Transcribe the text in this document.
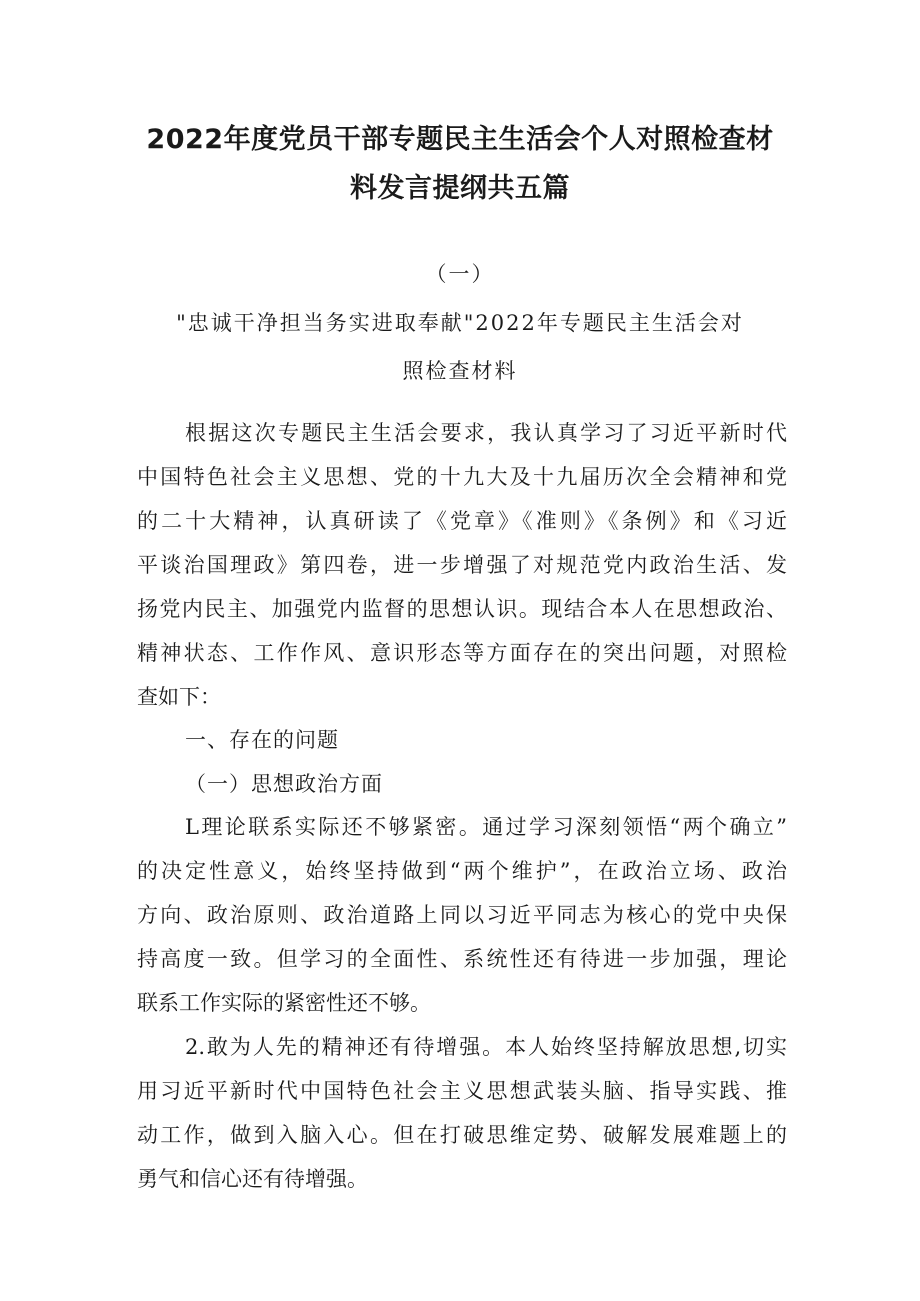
2022年度党员干部专题民主生活会个人对照检查材

料发言提纲共五篇

（一）

"忠诚干净担当务实进取奉献"2022年专题民主生活会对

照检查材料

根据这次专题民主生活会要求，我认真学习了习近平新时代

中国特色社会主义思想、党的十九大及十九届历次全会精神和党

的二十大精神，认真研读了《党章》《准则》《条例》和《习近

平谈治国理政》第四卷，进一步增强了对规范党内政治生活、发

扬党内民主、加强党内监督的思想认识。现结合本人在思想政治、

精神状态、工作作风、意识形态等方面存在的突出问题，对照检

查如下：

一、存在的问题

（一）思想政治方面

L理论联系实际还不够紧密。通过学习深刻领悟“两个确立”

的决定性意义，始终坚持做到“两个维护”，在政治立场、政治

方向、政治原则、政治道路上同以习近平同志为核心的党中央保

持高度一致。但学习的全面性、系统性还有待进一步加强，理论

联系工作实际的紧密性还不够。

2.敢为人先的精神还有待增强。本人始终坚持解放思想,切实

用习近平新时代中国特色社会主义思想武装头脑、指导实践、推

动工作，做到入脑入心。但在打破思维定势、破解发展难题上的

勇气和信心还有待增强。
